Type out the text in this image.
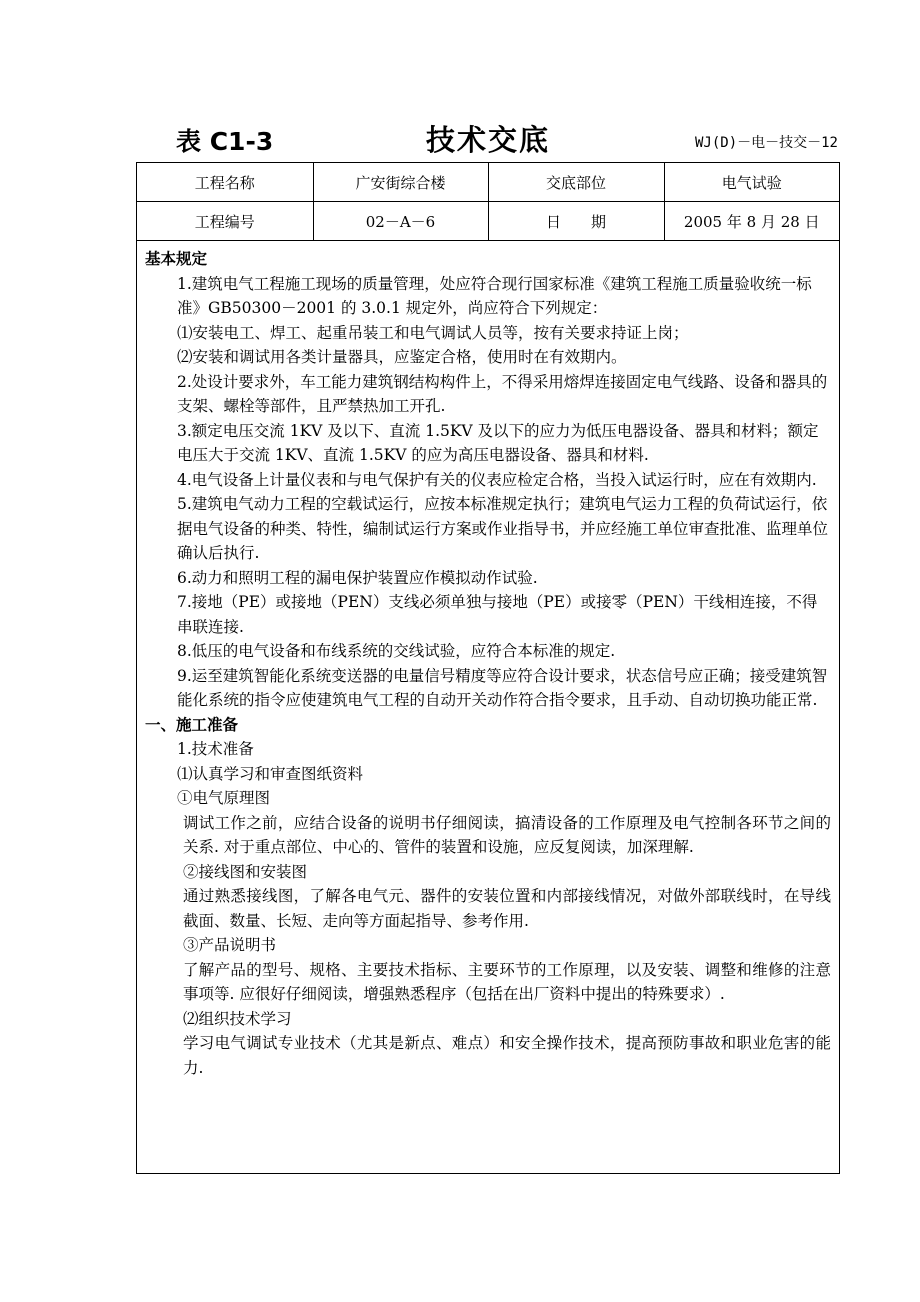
表 C1-3	技术交底	WJ(D)－电－技交－12
工程名称	广安街综合楼	交底部位	电气试验
工程编号	02－A－6	日　　期	2005 年 8 月 28 日

基本规定

1.建筑电气工程施工现场的质量管理，处应符合现行国家标准《建筑工程施工质量验收统一标准》GB50300－2001 的 3.0.1 规定外，尚应符合下列规定：

⑴安装电工、焊工、起重吊装工和电气调试人员等，按有关要求持证上岗；

⑵安装和调试用各类计量器具，应鉴定合格，使用时在有效期内。

2.处设计要求外，车工能力建筑钢结构构件上，不得采用熔焊连接固定电气线路、设备和器具的支架、螺栓等部件，且严禁热加工开孔.

3.额定电压交流 1KV 及以下、直流 1.5KV 及以下的应力为低压电器设备、器具和材料；额定电压大于交流 1KV、直流 1.5KV 的应为高压电器设备、器具和材料.

4.电气设备上计量仪表和与电气保护有关的仪表应检定合格，当投入试运行时，应在有效期内.

5.建筑电气动力工程的空载试运行，应按本标准规定执行；建筑电气运力工程的负荷试运行，依据电气设备的种类、特性，编制试运行方案或作业指导书，并应经施工单位审查批准、监理单位确认后执行.

6.动力和照明工程的漏电保护装置应作模拟动作试验.

7.接地（PE）或接地（PEN）支线必须单独与接地（PE）或接零（PEN）干线相连接，不得串联连接.

8.低压的电气设备和布线系统的交线试验，应符合本标准的规定.

9.运至建筑智能化系统变送器的电量信号精度等应符合设计要求，状态信号应正确；接受建筑智能化系统的指令应使建筑电气工程的自动开关动作符合指令要求，且手动、自动切换功能正常.

一、施工准备

1.技术准备

⑴认真学习和审查图纸资料

①电气原理图

调试工作之前，应结合设备的说明书仔细阅读，搞清设备的工作原理及电气控制各环节之间的关系. 对于重点部位、中心的、管件的装置和设施，应反复阅读，加深理解.

②接线图和安装图

通过熟悉接线图，了解各电气元、器件的安装位置和内部接线情况，对做外部联线时，在导线截面、数量、长短、走向等方面起指导、参考作用.

③产品说明书

了解产品的型号、规格、主要技术指标、主要环节的工作原理，以及安装、调整和维修的注意事项等. 应很好仔细阅读，增强熟悉程序（包括在出厂资料中提出的特殊要求）.

⑵组织技术学习

学习电气调试专业技术（尤其是新点、难点）和安全操作技术，提高预防事故和职业危害的能力.
